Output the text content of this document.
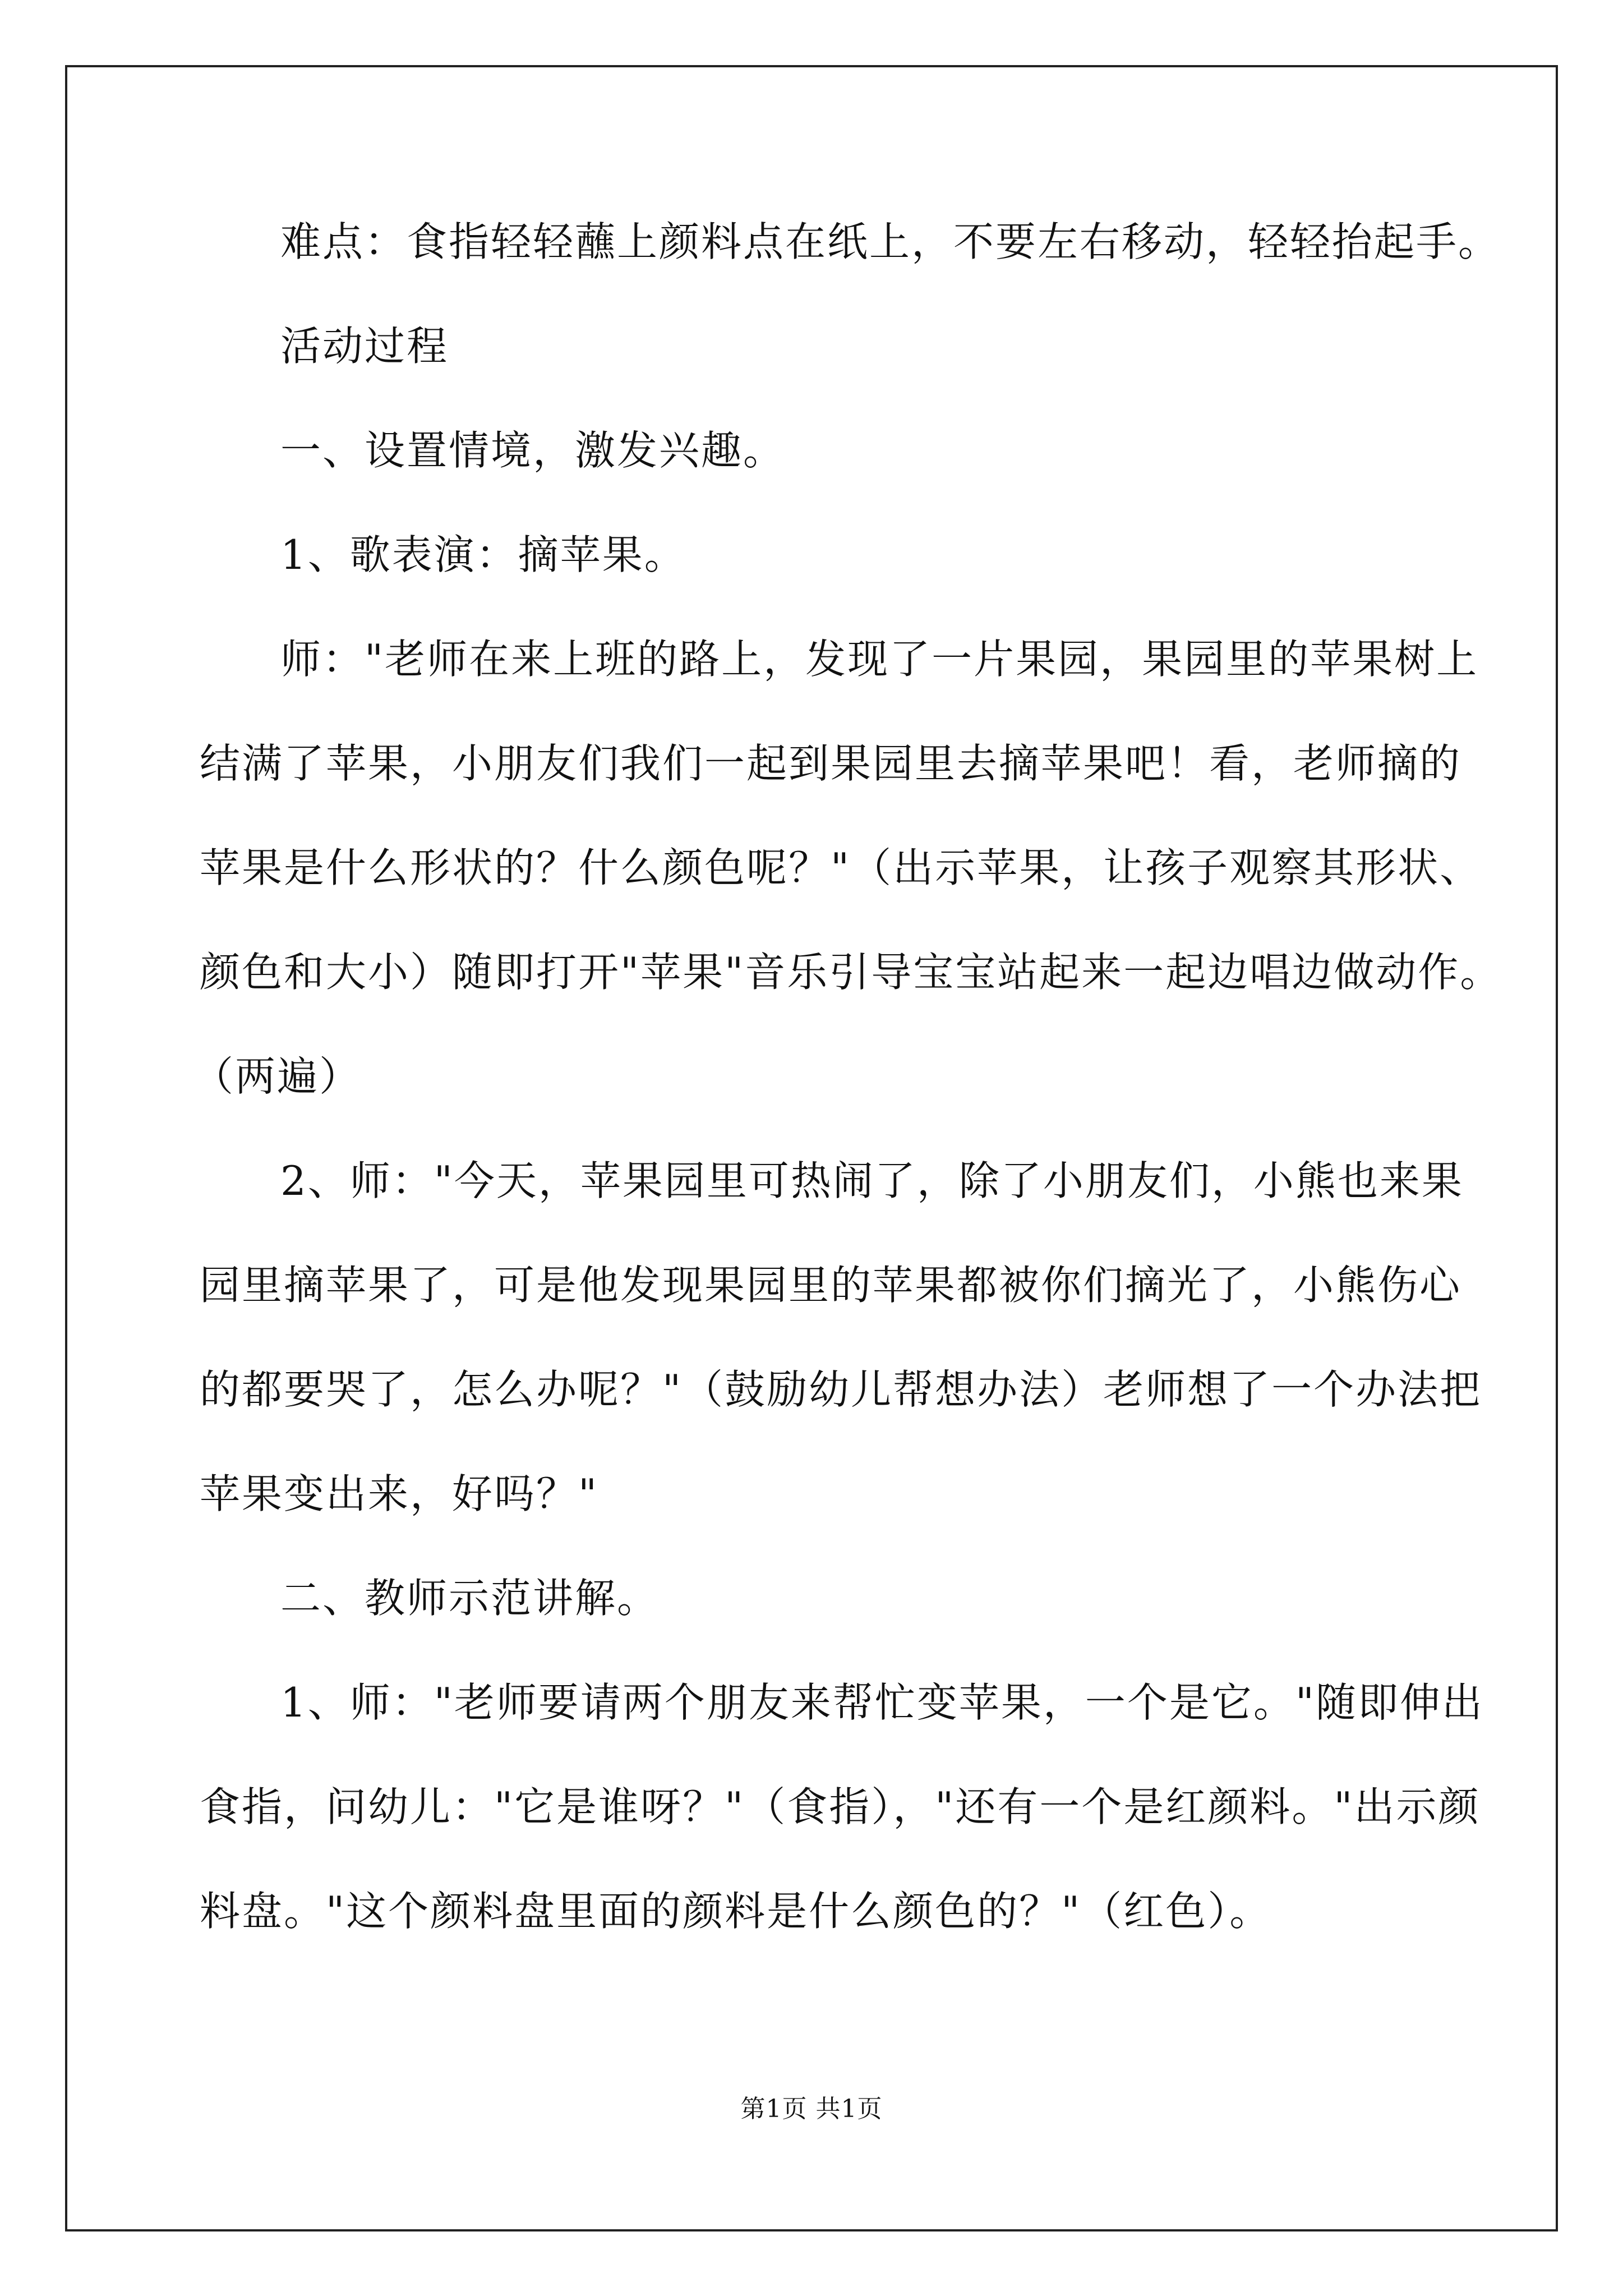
难点：食指轻轻蘸上颜料点在纸上，不要左右移动，轻轻抬起手。
活动过程
一、设置情境，激发兴趣。
1、歌表演：摘苹果。
师："老师在来上班的路上，发现了一片果园，果园里的苹果树上
结满了苹果，小朋友们我们一起到果园里去摘苹果吧！看，老师摘的
苹果是什么形状的？什么颜色呢？"（出示苹果，让孩子观察其形状、
颜色和大小）随即打开"苹果"音乐引导宝宝站起来一起边唱边做动作。
（两遍）
2、师："今天，苹果园里可热闹了，除了小朋友们，小熊也来果
园里摘苹果了，可是他发现果园里的苹果都被你们摘光了，小熊伤心
的都要哭了，怎么办呢？"（鼓励幼儿帮想办法）老师想了一个办法把
苹果变出来，好吗？"
二、教师示范讲解。
1、师："老师要请两个朋友来帮忙变苹果，一个是它。"随即伸出
食指，问幼儿："它是谁呀？"（食指），"还有一个是红颜料。"出示颜
料盘。"这个颜料盘里面的颜料是什么颜色的？"（红色）。
第1页 共1页
